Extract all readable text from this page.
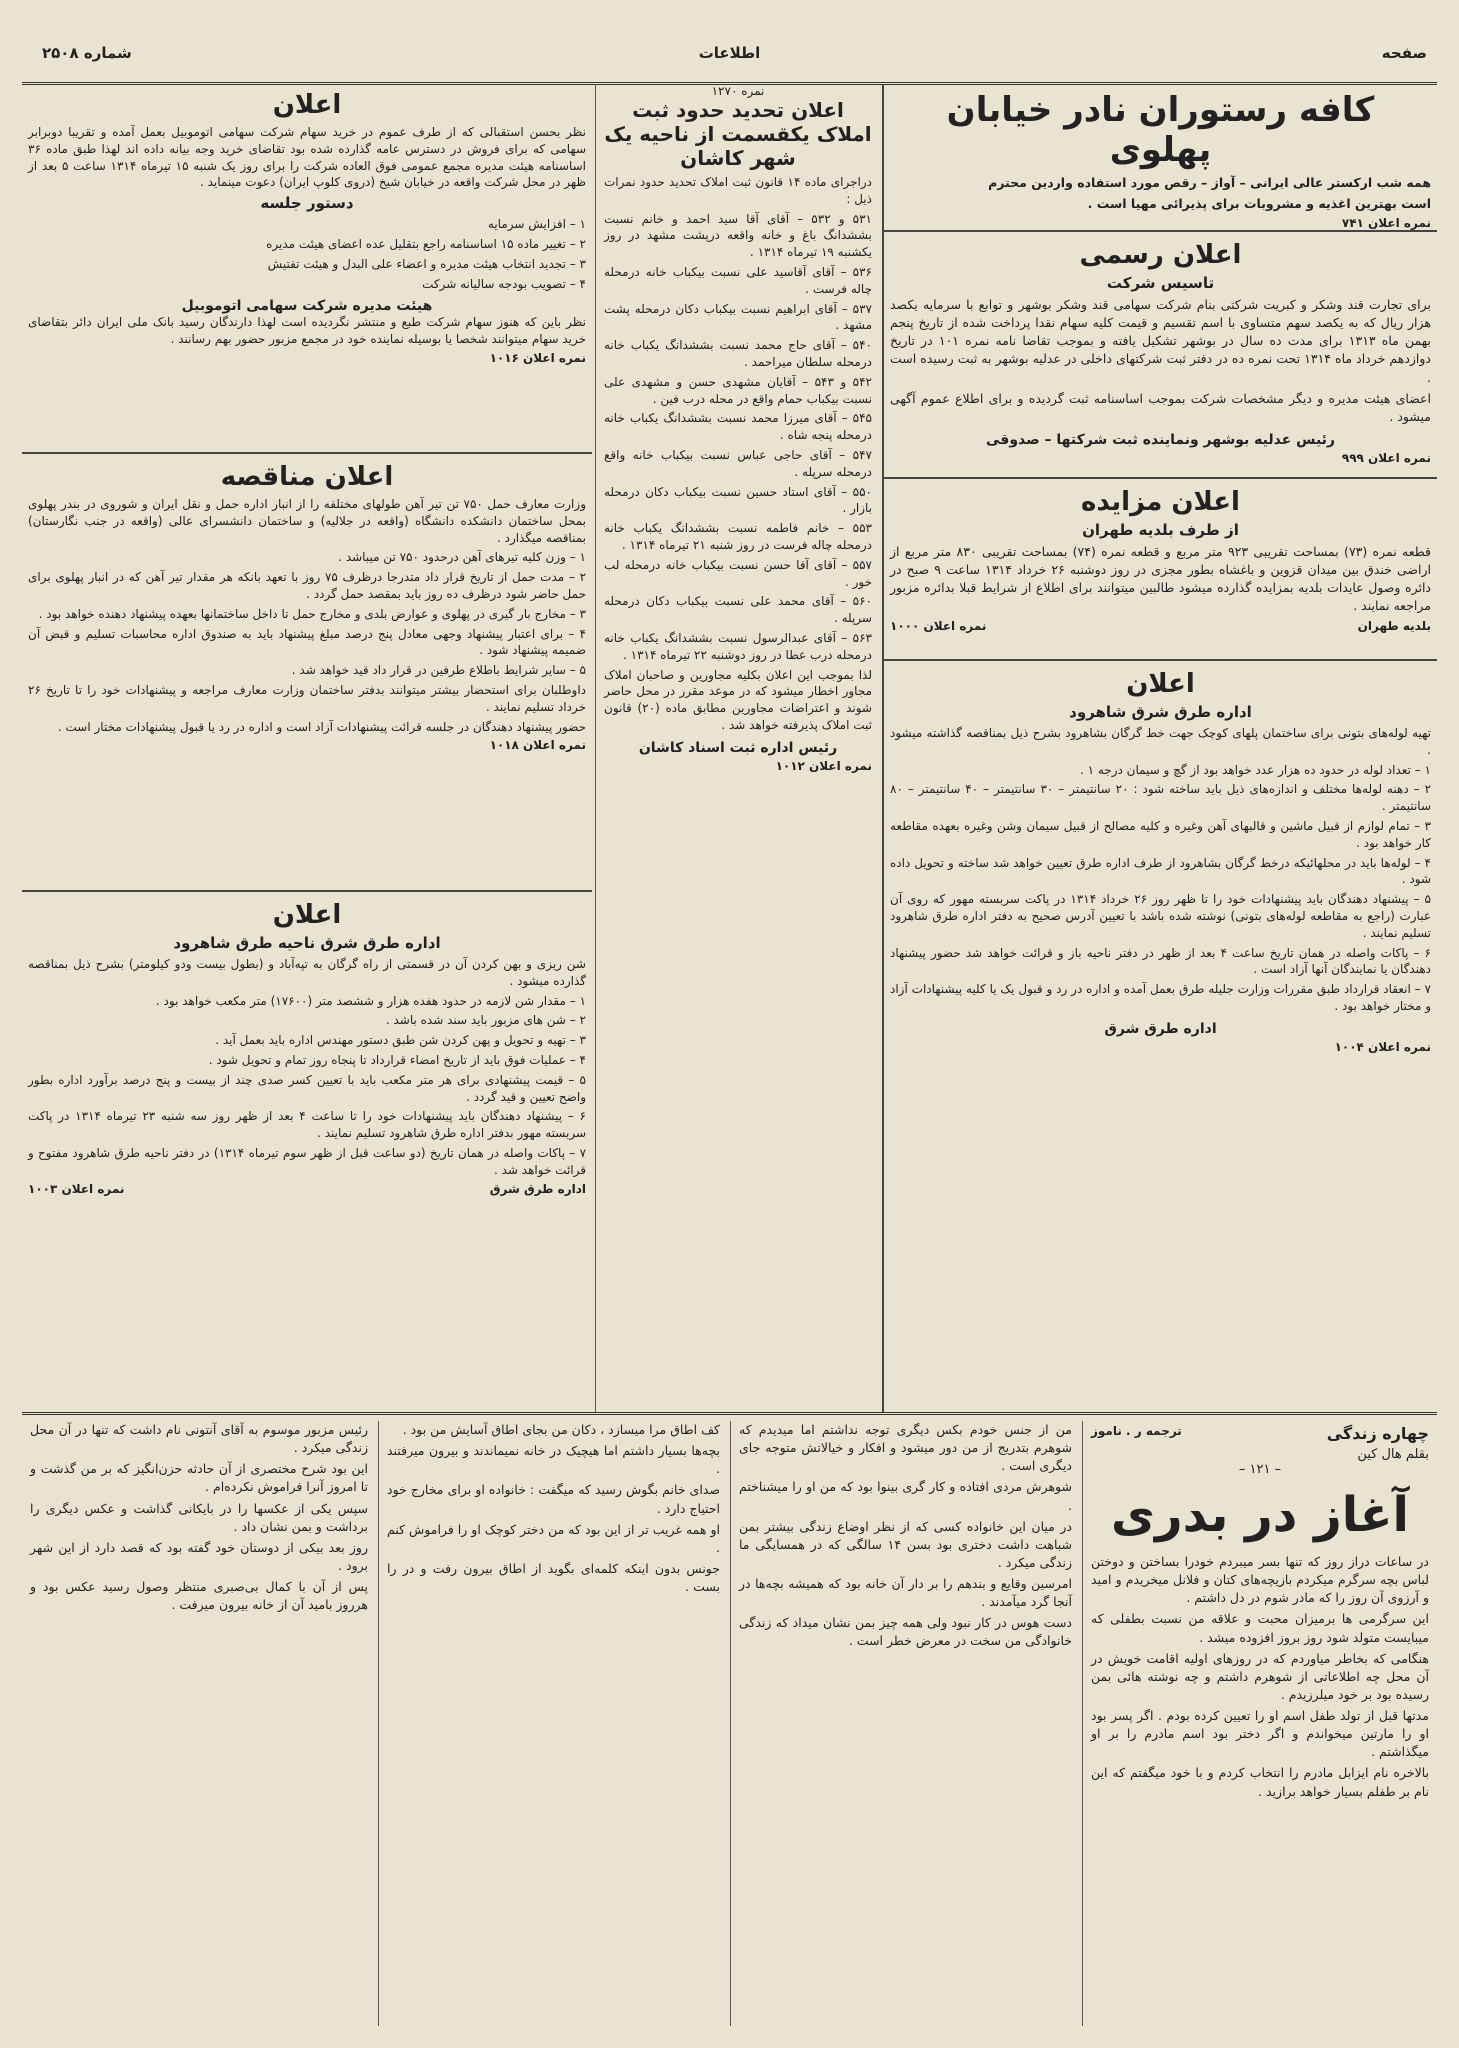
صفحه
اطلاعات
شماره ۲۵۰۸
کافه رستوران نادر خیابان پهلوی

همه شب ارکستر عالی ایرانی – آواز – رقص مورد استفاده واردین محترم

است بهترین اغذیه و مشروبات برای پذیرائی مهیا است .

نمره اعلان ۷۴۱
اعلان رسمی
تاسیس شرکت

برای تجارت قند وشکر و کبریت شرکتی بنام شرکت سهامی قند وشکر بوشهر و توابع با سرمایه یکصد هزار ریال که به یکصد سهم متساوی با اسم تقسیم و قیمت کلیه سهام نقدا پرداخت شده از تاریخ پنجم بهمن ماه ۱۳۱۳ برای مدت ده سال در بوشهر تشکیل یافته و بموجب تقاضا نامه نمره ۱۰۱ در تاریخ دوازدهم خرداد ماه ۱۳۱۴ تحت نمره ده در دفتر ثبت شرکتهای داخلی در عدلیه بوشهر به ثبت رسیده است .

اعضای هیئت مدیره و دیگر مشخصات شرکت بموجب اساسنامه ثبت گردیده و برای اطلاع عموم آگهی میشود .

رئیس عدلیه بوشهر ونماینده ثبت شرکتها – صدوقی
نمره اعلان ۹۹۹
اعلان مزایده
از طرف بلدیه طهران

قطعه نمره (۷۳) بمساحت تقریبی ۹۲۳ متر مربع و قطعه نمره (۷۴) بمساحت تقریبی ۸۳۰ متر مربع از اراضی خندق بین میدان قزوین و باغشاه بطور مجزی در روز دوشنبه ۲۶ خرداد ۱۳۱۴ ساعت ۹ صبح در دائره وصول عایدات بلدیه بمزایده گذارده میشود طالبین میتوانند برای اطلاع از شرایط قبلا بدائره مزبور مراجعه نمایند .

بلدیه طهران
نمره اعلان ۱۰۰۰
اعلان
اداره طرق شرق شاهرود

تهیه لوله‌های بتونی برای ساختمان پلهای کوچک جهت خط گرگان بشاهرود بشرح ذیل بمناقصه گذاشته میشود .

۱ – تعداد لوله در حدود ده هزار عدد خواهد بود از گچ و سیمان درجه ۱ .

۲ – دهنه لوله‌ها مختلف و اندازه‌های ذیل باید ساخته شود : ۲۰ سانتیمتر – ۳۰ سانتیمتر – ۴۰ سانتیمتر – ۸۰ سانتیمتر .

۳ – تمام لوازم از قبیل ماشین و قالبهای آهن وغیره و کلیه مصالح از قبیل سیمان وشن وغیره بعهده مقاطعه کار خواهد بود .

۴ – لوله‌ها باید در محلهائیکه درخط گرگان بشاهرود از طرف اداره طرق تعیین خواهد شد ساخته و تحویل داده شود .

۵ – پیشنهاد دهندگان باید پیشنهادات خود را تا ظهر روز ۲۶ خرداد ۱۳۱۴ در پاکت سربسته مهور که روی آن عبارت (راجع به مقاطعه لوله‌های بتونی) نوشته شده باشد با تعیین آدرس صحیح به دفتر اداره طرق شاهرود تسلیم نمایند .

۶ – پاکات واصله در همان تاریخ ساعت ۴ بعد از ظهر در دفتر ناحیه باز و قرائت خواهد شد حضور پیشنهاد دهندگان یا نمایندگان آنها آزاد است .

۷ – انعقاد قرارداد طبق مقررات وزارت جلیله طرق بعمل آمده و اداره در رد و قبول یک یا کلیه پیشنهادات آزاد و مختار خواهد بود .

اداره طرق شرق
نمره اعلان ۱۰۰۴
نمره ۱۲۷۰
اعلان تحدید حدود ثبت املاک یکقسمت از ناحیه یک شهر کاشان

دراجرای ماده ۱۴ قانون ثبت املاک تحدید حدود نمرات ذیل :

۵۳۱ و ۵۳۲ – آقای آقا سید احمد و خانم نسبت بششدانگ باغ و خانه واقعه درپشت مشهد در روز یکشنبه ۱۹ تیرماه ۱۳۱۴ .

۵۳۶ – آقای آقاسید علی نسبت بیکباب خانه درمحله چاله فرست .

۵۳۷ – آقای ابراهیم نسبت بیکباب دکان درمحله پشت مشهد .

۵۴۰ – آقای حاج محمد نسبت بششدانگ یکباب خانه درمحله سلطان میراحمد .

۵۴۲ و ۵۴۳ – آقایان مشهدی حسن و مشهدی علی نسبت بیکباب حمام واقع در محله درب فین .

۵۴۵ – آقای میرزا محمد نسبت بششدانگ یکباب خانه درمحله پنجه شاه .

۵۴۷ – آقای حاجی عباس نسبت بیکباب خانه واقع درمحله سرپله .

۵۵۰ – آقای استاد حسین نسبت بیکباب دکان درمحله بازار .

۵۵۳ – خانم فاطمه نسبت بششدانگ یکباب خانه درمحله چاله فرست در روز شنبه ۲۱ تیرماه ۱۳۱۴ .

۵۵۷ – آقای آقا حسن نسبت بیکباب خانه درمحله لب خور .

۵۶۰ – آقای محمد علی نسبت بیکباب دکان درمحله سرپله .

۵۶۳ – آقای عبدالرسول نسبت بششدانگ یکباب خانه درمحله درب عطا در روز دوشنبه ۲۲ تیرماه ۱۳۱۴ .

لذا بموجب این اعلان بکلیه مجاورین و صاحبان املاک مجاور اخطار میشود که در موعد مقرر در محل حاضر شوند و اعتراضات مجاورین مطابق ماده (۲۰) قانون ثبت املاک پذیرفته خواهد شد .

رئیس اداره ثبت اسناد کاشان
نمره اعلان ۱۰۱۲
اعلان

نظر بحسن استقبالی که از طرف عموم در خرید سهام شرکت سهامی اتوموبیل بعمل آمده و تقریبا دوبرابر سهامی که برای فروش در دسترس عامه گذارده شده بود تقاضای خرید وجه بیانه داده اند لهذا طبق ماده ۳۶ اساسنامه هیئت مدیره مجمع عمومی فوق العاده شرکت را برای روز یک شنبه ۱۵ تیرماه ۱۳۱۴ ساعت ۵ بعد از ظهر در محل شرکت واقعه در خیابان شیخ (دروی کلوپ ایران) دعوت مینماید .

دستور جلسه

۱ – افزایش سرمایه

۲ – تغییر ماده ۱۵ اساسنامه راجع بتقلیل عده اعضای هیئت مدیره

۳ – تجدید انتخاب هیئت مدیره و اعضاء علی البدل و هیئت تفتیش

۴ – تصویب بودجه سالیانه شرکت

هیئت مدیره شرکت سهامی اتوموبیل

نظر باین که هنوز سهام شرکت طبع و منتشر نگردیده است لهذا دارندگان رسید بانک ملی ایران دائر بتقاضای خرید سهام میتوانند شخصا یا بوسیله نماینده خود در مجمع مزبور حضور بهم رسانند .

نمره اعلان ۱۰۱۶
اعلان مناقصه

وزارت معارف حمل ۷۵۰ تن تیر آهن طولهای مختلفه را از انبار اداره حمل و نقل ایران و شوروی در بندر پهلوی بمحل ساختمان دانشکده دانشگاه (واقعه در جلالیه) و ساختمان دانشسرای عالی (واقعه در جنب نگارستان) بمناقصه میگذارد .

۱ – وزن کلیه تیرهای آهن درحدود ۷۵۰ تن میباشد .

۲ – مدت حمل از تاریخ قرار داد متدرجا درظرف ۷۵ روز با تعهد بانکه هر مقدار تیر آهن که در انبار پهلوی برای حمل حاضر شود درظرف ده روز باید بمقصد حمل گردد .

۳ – مخارج بار گیری در پهلوی و عوارض بلدی و مخارج حمل تا داخل ساختمانها بعهده پیشنهاد دهنده خواهد بود .

۴ – برای اعتبار پیشنهاد وجهی معادل پنج درصد مبلغ پیشنهاد باید به صندوق اداره محاسبات تسلیم و قبض آن ضمیمه پیشنهاد شود .

۵ – سایر شرایط باطلاع طرفین در قرار داد قید خواهد شد .

داوطلبان برای استحضار بیشتر میتوانند بدفتر ساختمان وزارت معارف مراجعه و پیشنهادات خود را تا تاریخ ۲۶ خرداد تسلیم نمایند .

حضور پیشنهاد دهندگان در جلسه قرائت پیشنهادات آزاد است و اداره در رد یا قبول پیشنهادات مختار است .

نمره اعلان ۱۰۱۸
اعلان
اداره طرق شرق ناحیه طرق شاهرود

شن ریزی و بهن کردن آن در قسمتی از راه گرگان به تپه‌آباد و (بطول بیست ودو کیلومتر) بشرح ذیل بمناقصه گذارده میشود .

۱ – مقدار شن لازمه در حدود هفده هزار و ششصد متر (۱۷۶۰۰) متر مکعب خواهد بود .

۲ – شن های مزبور باید سند شده باشد .

۳ – تهیه و تحویل و پهن کردن شن طبق دستور مهندس اداره باید بعمل آید .

۴ – عملیات فوق باید از تاریخ امضاء قرارداد تا پنجاه روز تمام و تحویل شود .

۵ – قیمت پیشنهادی برای هر متر مکعب باید با تعیین کسر صدی چند از بیست و پنج درصد برآورد اداره بطور واضح تعیین و قید گردد .

۶ – پیشنهاد دهندگان باید پیشنهادات خود را تا ساعت ۴ بعد از ظهر روز سه شنبه ۲۳ تیرماه ۱۳۱۴ در پاکت سربسته مهور بدفتر اداره طرق شاهرود تسلیم نمایند .

۷ – پاکات واصله در همان تاریخ (دو ساعت قبل از ظهر سوم تیرماه ۱۳۱۴) در دفتر ناحیه طرق شاهرود مفتوح و قرائت خواهد شد .

اداره طرق شرق
نمره اعلان ۱۰۰۳
چهاره زندگی
ترجمه ر . ناموز
بقلم هال کین
– ۱۲۱ –
آغاز در بدری

در ساعات دراز روز که تنها بسر میبردم خودرا بساختن و دوختن لباس بچه سرگرم میکردم بازیچه‌های کتان و فلانل میخریدم و امید و آرزوی آن روز را که مادر شوم در دل داشتم .

این سرگرمی ها برمیزان محبت و علاقه من نسبت بطفلی که میبایست متولد شود روز بروز افزوده میشد .

هنگامی که بخاطر میاوردم که در روزهای اولیه اقامت خویش در آن محل چه اطلاعاتی از شوهرم داشتم و چه نوشته هائی بمن رسیده بود بر خود میلرزیدم .

مدتها قبل از تولد طفل اسم او را تعیین کرده بودم . اگر پسر بود او را مارتین میخواندم و اگر دختر بود اسم مادرم را بر او میگذاشتم .

بالاخره نام ایزابل مادرم را انتخاب کردم و با خود میگفتم که این نام بر طفلم بسیار خواهد برازید .

من از جنس خودم بکس دیگری توجه نداشتم اما میدیدم که شوهرم بتدریج از من دور میشود و افکار و خیالاتش متوجه جای دیگری است .

شوهرش مردی افتاده و کار گری بینوا بود که من او را میشناختم .

در میان این خانواده کسی که از نظر اوضاع زندگی بیشتر بمن شباهت داشت دختری بود بسن ۱۴ سالگی که در همسایگی ما زندگی میکرد .

امرسین وقایع و بندهم را بر دار آن خانه بود که همیشه بچه‌ها در آنجا گرد میآمدند .

دست هوس در کار نبود ولی همه چیز بمن نشان میداد که زندگی خانوادگی من سخت در معرض خطر است .

کف اطاق مرا میسازد ، دکان من بجای اطاق آسایش من بود .

بچه‌ها بسیار داشتم اما هیچیک در خانه نمیماندند و بیرون میرفتند .

صدای خانم بگوش رسید که میگفت : خانواده او برای مخارج خود احتیاج دارد .

او همه غریب تر از این بود که من دختر کوچک او را فراموش کنم .

جونس بدون اینکه کلمه‌ای بگوید از اطاق بیرون رفت و در را بست .

رئیس مزبور موسوم به آقای آنتونی نام داشت که تنها در آن محل زندگی میکرد .

این بود شرح مختصری از آن حادثه حزن‌انگیز که بر من گذشت و تا امروز آنرا فراموش نکرده‌ام .

سپس یکی از عکسها را در بایکانی گذاشت و عکس دیگری را برداشت و بمن نشان داد .

روز بعد بیکی از دوستان خود گفته بود که قصد دارد از این شهر برود .

پس از آن با کمال بی‌صبری منتظر وصول رسید عکس بود و هرروز بامید آن از خانه بیرون میرفت .
